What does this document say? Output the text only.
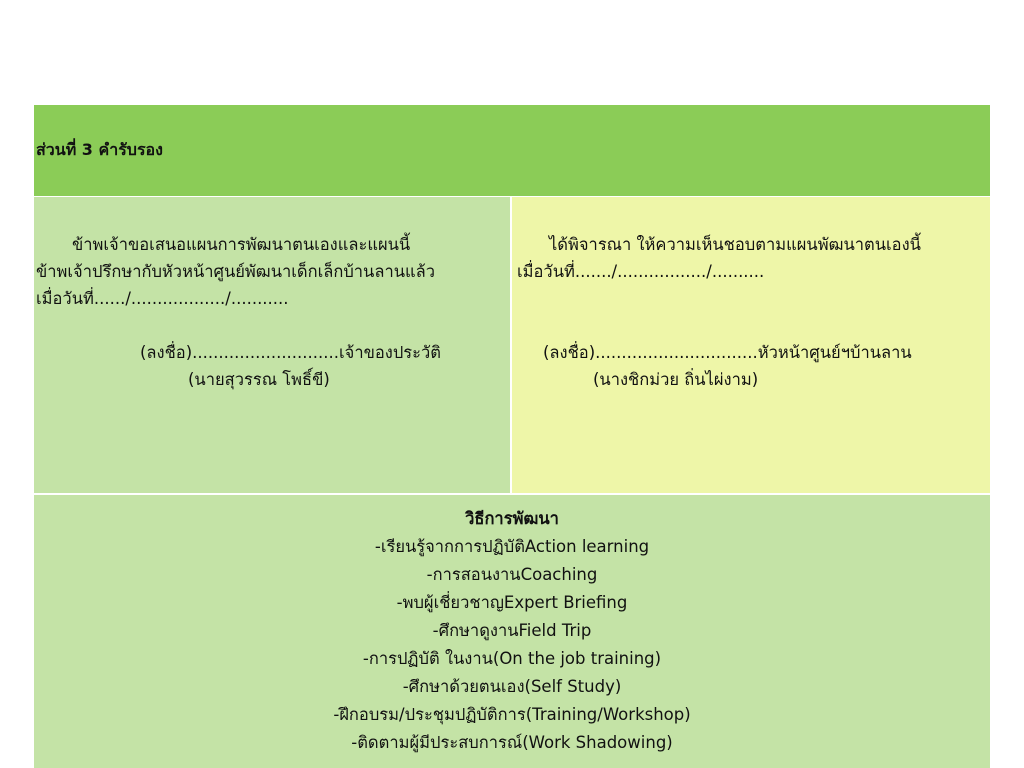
ส่วนที่ 3 คำรับรอง
ข้าพเจ้าขอเสนอแผนการพัฒนาตนเองและแผนนี้
ข้าพเจ้าปรึกษากับหัวหน้าศูนย์พัฒนาเด็กเล็กบ้านลานแล้ว
เมื่อวันที่....../................../...........
(ลงชื่อ)............................เจ้าของประวัติ
(นายสุวรรณ โพธิ์ขี)
ได้พิจารณา ให้ความเห็นชอบตามแผนพัฒนาตนเองนี้
เมื่อวันที่......./................./..........
(ลงชื่อ)...............................หัวหน้าศูนย์ฯบ้านลาน
(นางชิกม่วย ถิ่นไผ่งาม)
วิธีการพัฒนา
-เรียนรู้จากการปฏิบัติAction learning
-การสอนงานCoaching
-พบผู้เชี่ยวชาญExpert Briefing
-ศึกษาดูงานField Trip
-การปฏิบัติ ในงาน(On the job training)
-ศึกษาด้วยตนเอง(Self Study)
-ฝึกอบรม/ประชุมปฏิบัติการ(Training/Workshop)
-ติดตามผู้มีประสบการณ์(Work Shadowing)
